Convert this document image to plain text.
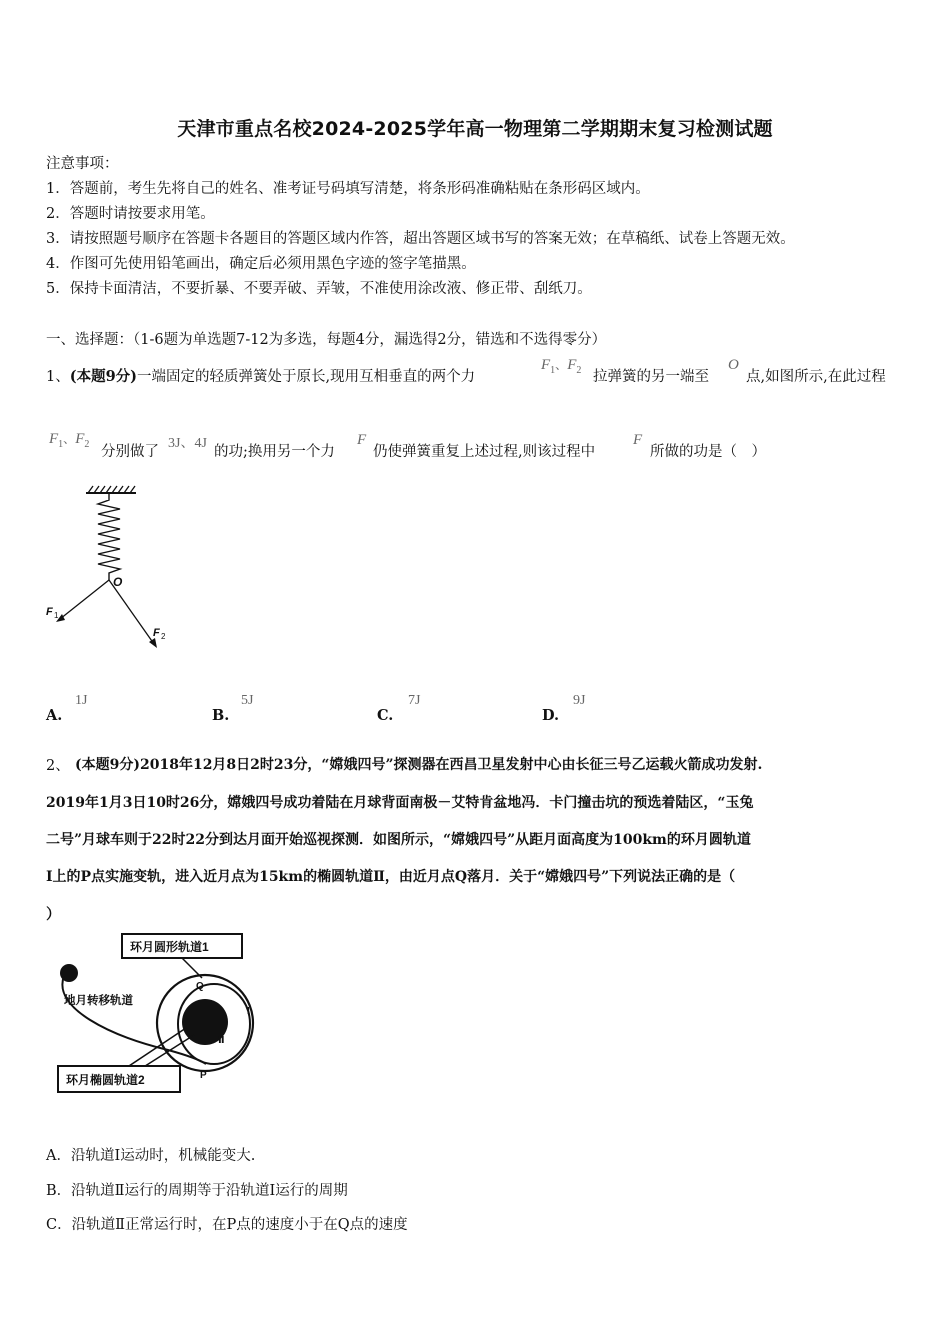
天津市重点名校2024-2025学年高一物理第二学期期末复习检测试题
注意事项：
1．答题前，考生先将自己的姓名、准考证号码填写清楚，将条形码准确粘贴在条形码区域内。
2．答题时请按要求用笔。
3．请按照题号顺序在答题卡各题目的答题区域内作答，超出答题区域书写的答案无效；在草稿纸、试卷上答题无效。
4．作图可先使用铅笔画出，确定后必须用黑色字迹的签字笔描黑。
5．保持卡面清洁，不要折暴、不要弄破、弄皱，不准使用涂改液、修正带、刮纸刀。
一、选择题：（1-6题为单选题7-12为多选，每题4分，漏选得2分，错选和不选得零分）
1、(本题9分)一端固定的轻质弹簧处于原长,现用互相垂直的两个力
$F_1$、$F_2$ 拉弹簧的另一端至
O
点,如图所示,在此过程
$F_1$、$F_2$ 分别做了
3J、4J
的功;换用另一个力
F
仍使弹簧重复上述过程,则该过程中
F
所做的功是（　）
O
F 1
F 2
A.
1J
B.
5J
C.
7J
D.
9J
2、 (本题9分)2018年12月8日2时23分，“嫦娥四号”探测器在西昌卫星发射中心由长征三号乙运载火箭成功发射.
2019年1月3日10时26分，嫦娥四号成功着陆在月球背面南极－艾特肯盆地冯．卡门撞击坑的预选着陆区，“玉兔
二号”月球车则于22时22分到达月面开始巡视探测．如图所示，“嫦娥四号”从距月面高度为100km的环月圆轨道
Ⅰ上的P点实施变轨，进入近月点为15km的椭圆轨道Ⅱ，由近月点Q落月．关于“嫦娥四号”下列说法正确的是（
）
环月圆形轨道1
地月转移轨道
Q
I
Ⅱ
P
环月椭圆轨道2
A．沿轨道Ⅰ运动时，机械能变大.
B．沿轨道Ⅱ运行的周期等于沿轨道Ⅰ运行的周期
C．沿轨道Ⅱ正常运行时，在P点的速度小于在Q点的速度
